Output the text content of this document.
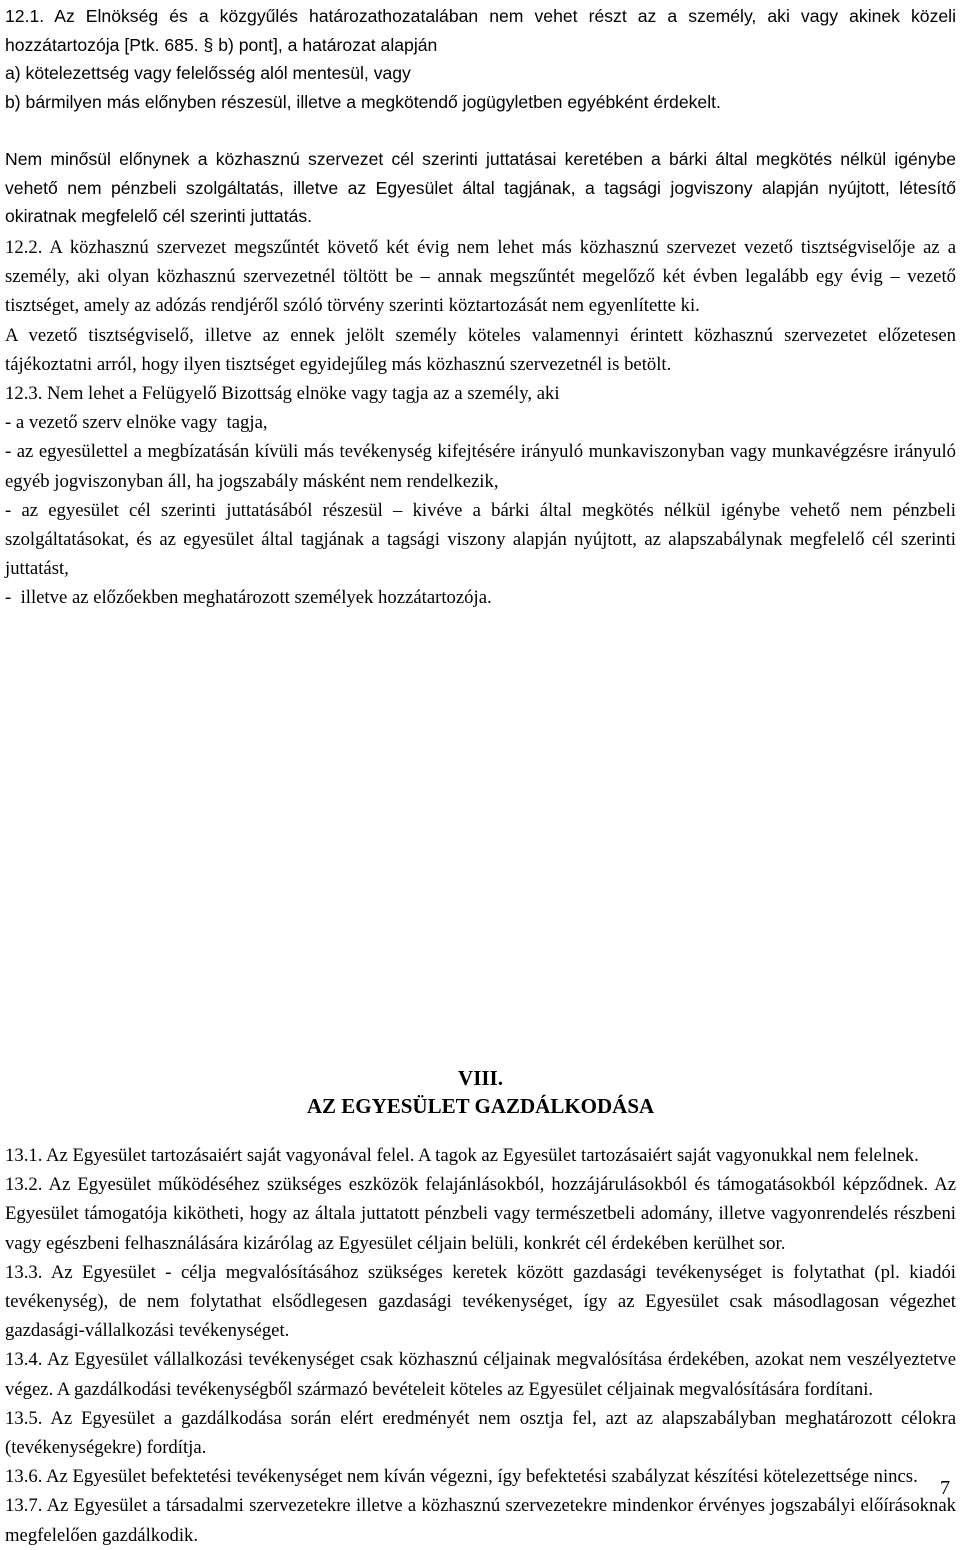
12.1. Az Elnökség és a közgyűlés határozathozatalában nem vehet részt az a személy, aki vagy akinek közeli hozzátartozója [Ptk. 685. § b) pont], a határozat alapján

a) kötelezettség vagy felelősség alól mentesül, vagy

b) bármilyen más előnyben részesül, illetve a megkötendő jogügyletben egyébként érdekelt.

Nem minősül előnynek a közhasznú szervezet cél szerinti juttatásai keretében a bárki által megkötés nélkül igénybe vehető nem pénzbeli szolgáltatás, illetve az Egyesület által tagjának, a tagsági jogviszony alapján nyújtott, létesítő okiratnak megfelelő cél szerinti juttatás.

12.2. A közhasznú szervezet megszűntét követő két évig nem lehet más közhasznú szervezet vezető tisztségviselője az a személy, aki olyan közhasznú szervezetnél töltött be – annak megszűntét megelőző két évben legalább egy évig – vezető tisztséget, amely az adózás rendjéről szóló törvény szerinti köztartozását nem egyenlítette ki.

A vezető tisztségviselő, illetve az ennek jelölt személy köteles valamennyi érintett közhasznú szervezetet előzetesen tájékoztatni arról, hogy ilyen tisztséget egyidejűleg más közhasznú szervezetnél is betölt.

12.3. Nem lehet a Felügyelő Bizottság elnöke vagy tagja az a személy, aki

- a vezető szerv elnöke vagy  tagja,

- az egyesülettel a megbízatásán kívüli más tevékenység kifejtésére irányuló munkaviszonyban vagy munkavégzésre irányuló egyéb jogviszonyban áll, ha jogszabály másként nem rendelkezik,

- az egyesület cél szerinti juttatásából részesül – kivéve a bárki által megkötés nélkül igénybe vehető nem pénzbeli szolgáltatásokat, és az egyesület által tagjának a tagsági viszony alapján nyújtott, az alapszabálynak megfelelő cél szerinti juttatást,

-  illetve az előzőekben meghatározott személyek hozzátartozója.

VIII.
AZ EGYESÜLET GAZDÁLKODÁSA

13.1. Az Egyesület tartozásaiért saját vagyonával felel. A tagok az Egyesület tartozásaiért saját vagyonukkal nem felelnek.

13.2. Az Egyesület működéséhez szükséges eszközök felajánlásokból, hozzájárulásokból és támogatásokból képződnek. Az Egyesület támogatója kikötheti, hogy az általa juttatott pénzbeli vagy természetbeli adomány, illetve vagyonrendelés részbeni vagy egészbeni felhasználására kizárólag az Egyesület céljain belüli, konkrét cél érdekében kerülhet sor.

13.3. Az Egyesület - célja megvalósításához szükséges keretek között gazdasági tevékenységet is folytathat (pl. kiadói tevékenység), de nem folytathat elsődlegesen gazdasági tevékenységet, így az Egyesület csak másodlagosan végezhet gazdasági-vállalkozási tevékenységet.

13.4. Az Egyesület vállalkozási tevékenységet csak közhasznú céljainak megvalósítása érdekében, azokat nem veszélyeztetve végez. A gazdálkodási tevékenységből származó bevételeit köteles az Egyesület céljainak megvalósítására fordítani.

13.5. Az Egyesület a gazdálkodása során elért eredményét nem osztja fel, azt az alapszabályban meghatározott célokra (tevékenységekre) fordítja.

13.6. Az Egyesület befektetési tevékenységet nem kíván végezni, így befektetési szabályzat készítési kötelezettsége nincs.

13.7. Az Egyesület a társadalmi szervezetekre illetve a közhasznú szervezetekre mindenkor érvényes jogszabályi előírásoknak megfelelően gazdálkodik.

7
